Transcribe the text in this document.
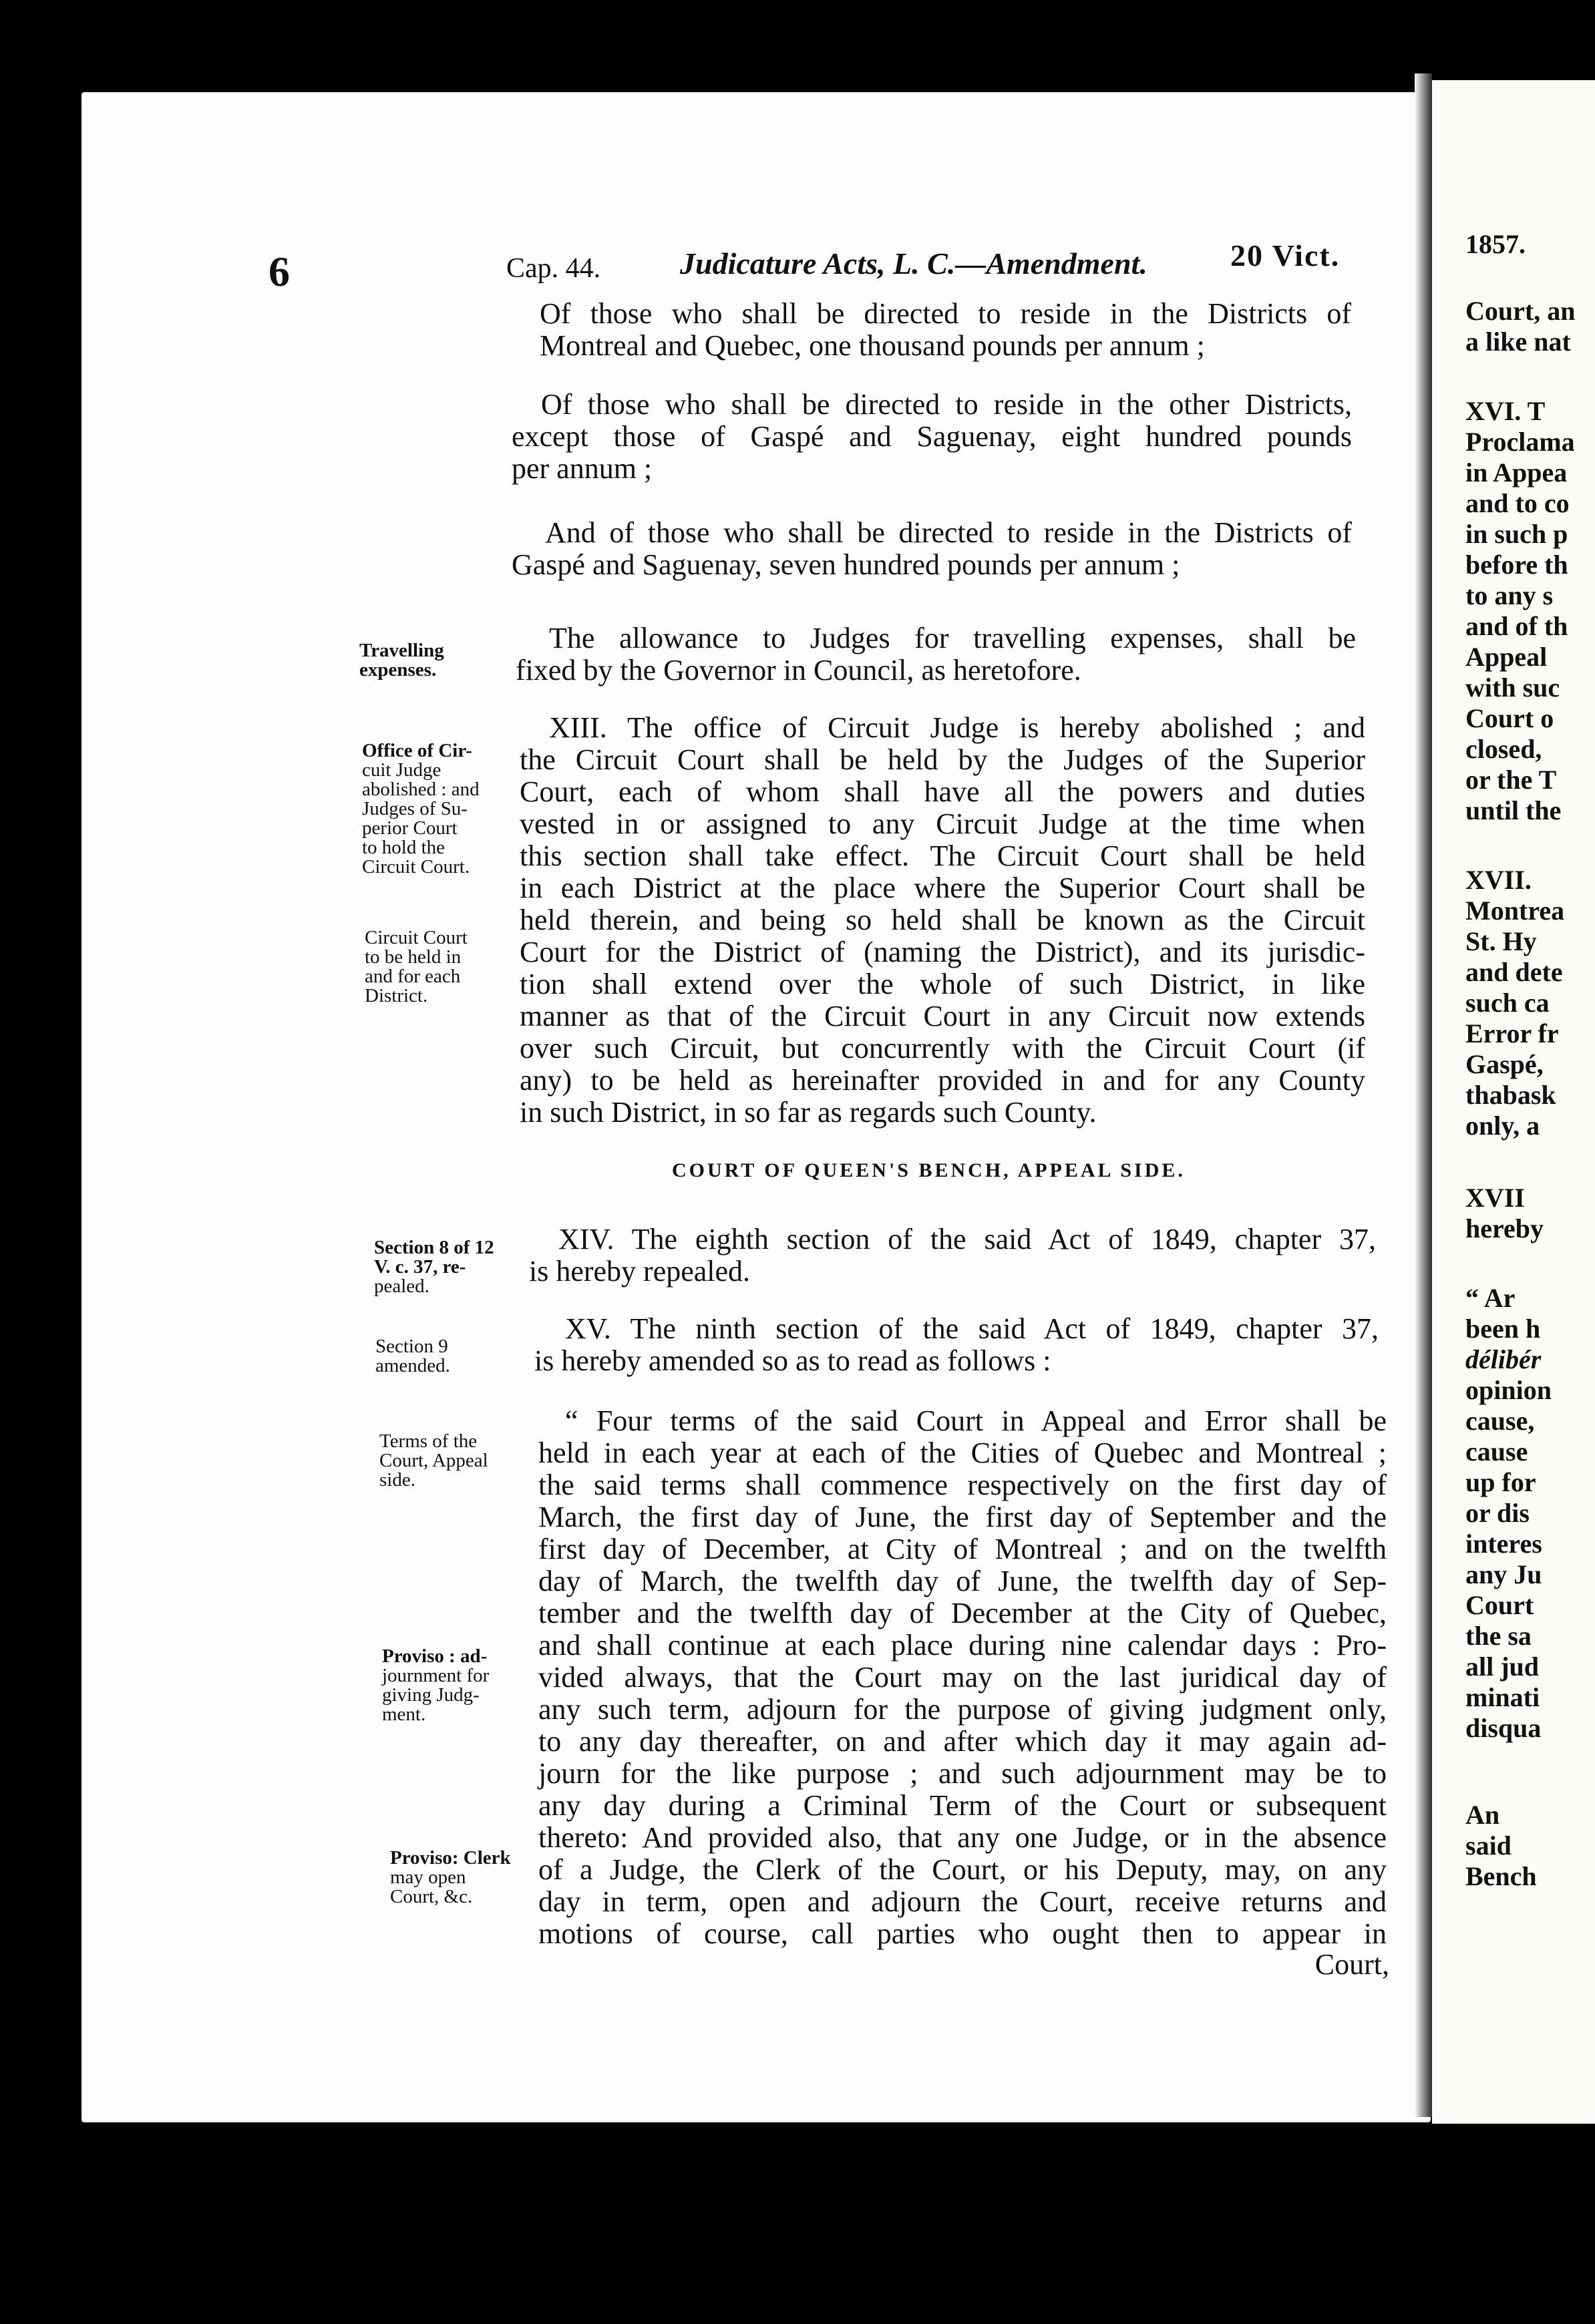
6	Cap. 44.	Judicature Acts, L. C.—Amendment.	20 Vict.
Of those who shall be directed to reside in the Districts of
Montreal and Quebec, one thousand pounds per annum ;
Of those who shall be directed to reside in the other Districts,
except those of Gaspé and Saguenay, eight hundred pounds
per annum ;
And of those who shall be directed to reside in the Districts of
Gaspé and Saguenay, seven hundred pounds per annum ;
The allowance to Judges for travelling expenses, shall be
fixed by the Governor in Council, as heretofore.
XIII. The office of Circuit Judge is hereby abolished ; and
the Circuit Court shall be held by the Judges of the Superior
Court, each of whom shall have all the powers and duties
vested in or assigned to any Circuit Judge at the time when
this section shall take effect. The Circuit Court shall be held
in each District at the place where the Superior Court shall be
held therein, and being so held shall be known as the Circuit
Court for the District of (naming the District), and its jurisdic-
tion shall extend over the whole of such District, in like
manner as that of the Circuit Court in any Circuit now extends
over such Circuit, but concurrently with the Circuit Court (if
any) to be held as hereinafter provided in and for any County
in such District, in so far as regards such County.
COURT OF QUEEN'S BENCH, APPEAL SIDE.
XIV. The eighth section of the said Act of 1849, chapter 37,
is hereby repealed.
XV. The ninth section of the said Act of 1849, chapter 37,
is hereby amended so as to read as follows :
“ Four terms of the said Court in Appeal and Error shall be
held in each year at each of the Cities of Quebec and Montreal ;
the said terms shall commence respectively on the first day of
March, the first day of June, the first day of September and the
first day of December, at City of Montreal ; and on the twelfth
day of March, the twelfth day of June, the twelfth day of Sep-
tember and the twelfth day of December at the City of Quebec,
and shall continue at each place during nine calendar days : Pro-
vided always, that the Court may on the last juridical day of
any such term, adjourn for the purpose of giving judgment only,
to any day thereafter, on and after which day it may again ad-
journ for the like purpose ; and such adjournment may be to
any day during a Criminal Term of the Court or subsequent
thereto: And provided also, that any one Judge, or in the absence
of a Judge, the Clerk of the Court, or his Deputy, may, on any
day in term, open and adjourn the Court, receive returns and
motions of course, call parties who ought then to appear in
Court,
Travelling
expenses.
Office of Cir-
cuit Judge
abolished : and
Judges of Su-
perior Court
to hold the
Circuit Court.
Circuit Court
to be held in
and for each
District.
Section 8 of 12
V. c. 37, re-
pealed.
Section 9
amended.
Terms of the
Court, Appeal
side.
Proviso : ad-
journment for
giving Judg-
ment.
Proviso: Clerk
may open
Court, &c.
1857.
Court, an
a like nat
XVI. T
Proclama
in Appea
and to co
in such p
before th
to any s
and of th
Appeal
with suc
Court o
closed,
or the T
until the
XVII.
Montrea
St. Hy
and dete
such ca
Error fr
Gaspé,
thabask
only, a
XVII
hereby
“ Ar
been h
délibér
opinion
cause,
cause
up for
or dis
interes
any Ju
Court
the sa
all jud
minati
disqua
An
said
Bench
